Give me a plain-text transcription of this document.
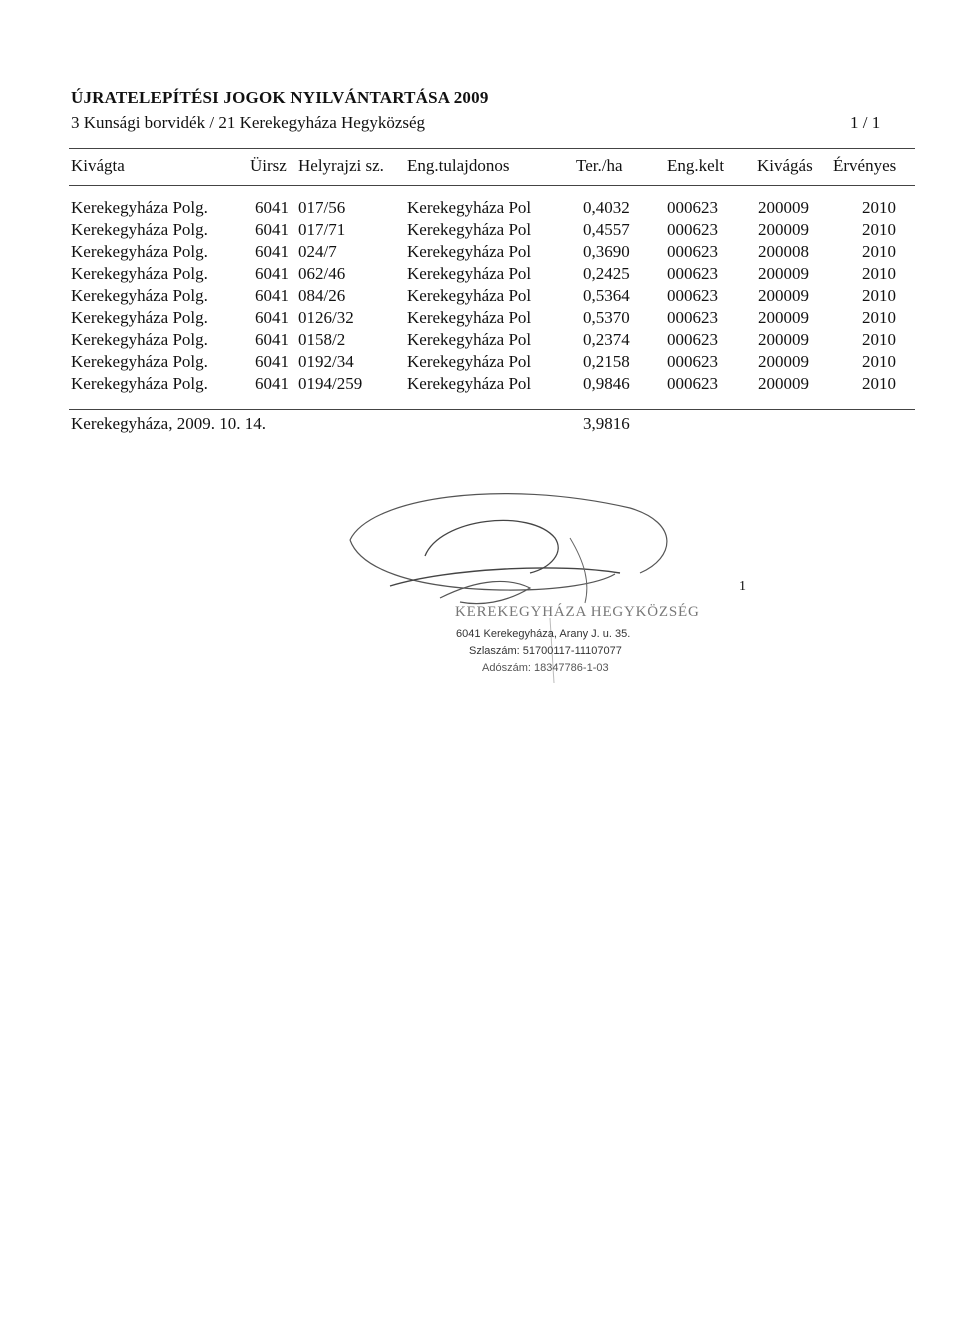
ÚJRATELEPÍTÉSI JOGOK NYILVÁNTARTÁSA 2009
3 Kunsági borvidék / 21 Kerekegyháza Hegyközség	1 / 1
Kivágta	Üirsz Helyrajzi sz. Eng.tulajdonos	Ter./ha	Eng.kelt Kivágás Érvényes
Kerekegyháza Polg.	6041 017/56	Kerekegyháza Pol	0,4032 000623 200009	2010
Kerekegyháza Polg.	6041 017/71	Kerekegyháza Pol	0,4557 000623 200009	2010
Kerekegyháza Polg.	6041 024/7	Kerekegyháza Pol	0,3690 000623 200008	2010
Kerekegyháza Polg.	6041 062/46	Kerekegyháza Pol	0,2425 000623 200009	2010
Kerekegyháza Polg.	6041 084/26	Kerekegyháza Pol	0,5364 000623 200009	2010
Kerekegyháza Polg.	6041 0126/32	Kerekegyháza Pol	0,5370 000623 200009	2010
Kerekegyháza Polg.	6041 0158/2	Kerekegyháza Pol	0,2374 000623 200009	2010
Kerekegyháza Polg.	6041 0192/34	Kerekegyháza Pol	0,2158 000623 200009	2010
Kerekegyháza Polg.	6041 0194/259	Kerekegyháza Pol	0,9846 000623 200009	2010
Kerekegyháza, 2009. 10. 14.	3,9816
KEREKEGYHÁZA HEGYKÖZSÉG
6041 Kerekegyháza, Arany J. u. 35.
Szlaszám: 51700117-11107077
Adószám: 18347786-1-03
1
